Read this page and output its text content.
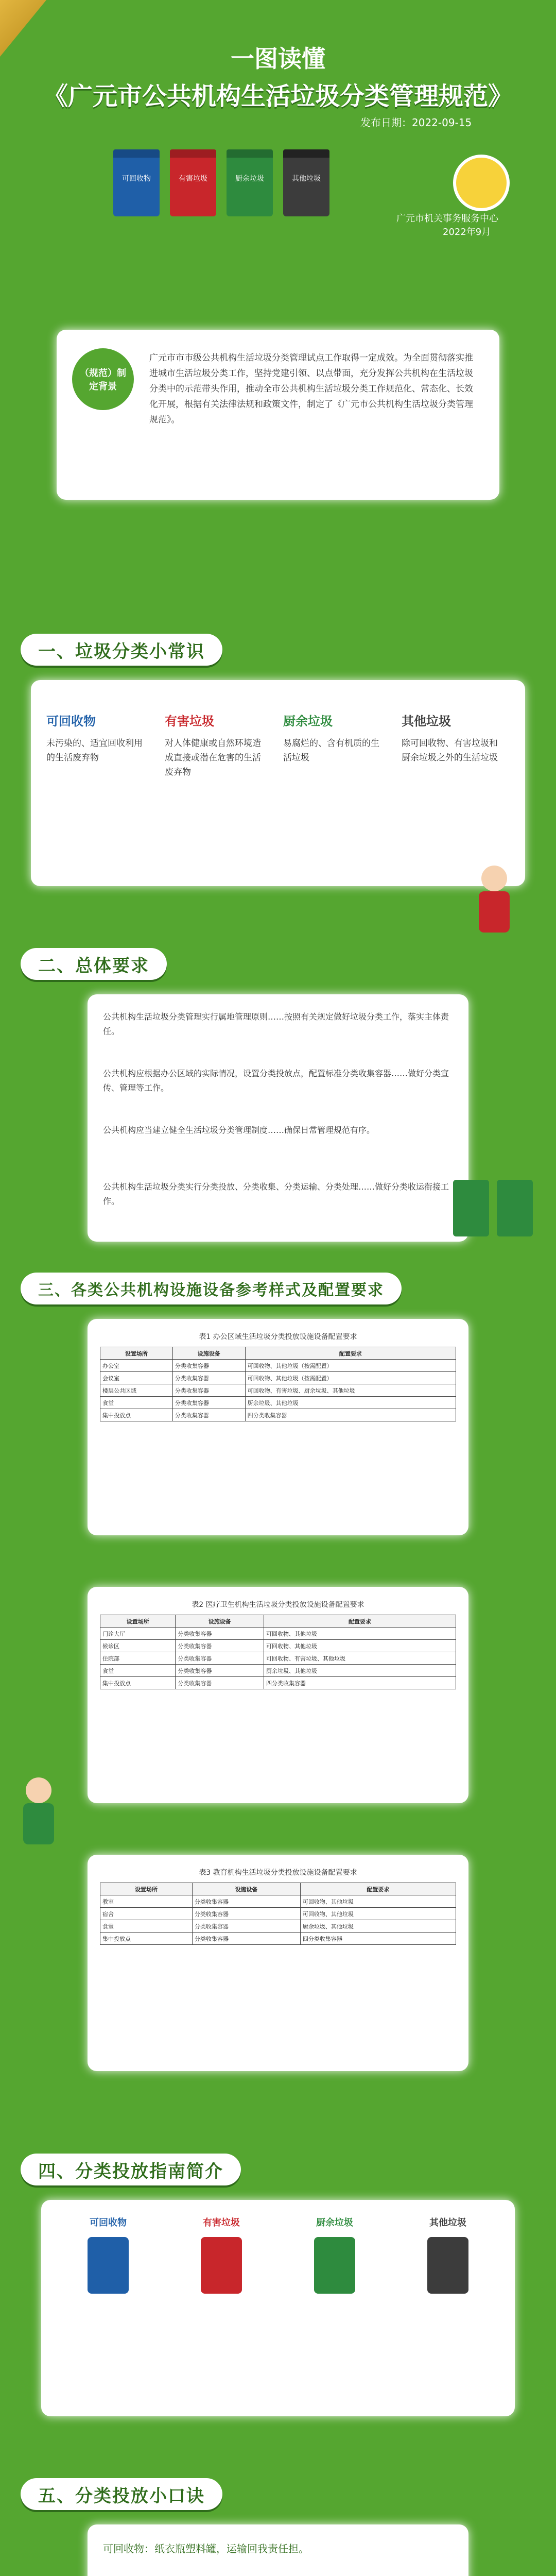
一图读懂
《广元市公共机构生活垃圾分类管理规范》
发布日期：2022-09-15
可回收物	有害垃圾	厨余垃圾	其他垃圾
广元市机关事务服务中心
2022年9月
（规范）制定背景
广元市市市级公共机构生活垃圾分类管理试点工作取得一定成效。为全面贯彻落实推进城市生活垃圾分类工作，坚持党建引领、以点带面，充分发挥公共机构在生活垃圾分类中的示范带头作用，推动全市公共机构生活垃圾分类工作规范化、常态化、长效化开展，根据有关法律法规和政策文件，制定了《广元市公共机构生活垃圾分类管理规范》。
一、垃圾分类小常识
可回收物
未污染的、适宜回收利用的生活废弃物
有害垃圾
对人体健康或自然环境造成直接或潜在危害的生活废弃物
厨余垃圾
易腐烂的、含有机质的生活垃圾
其他垃圾
除可回收物、有害垃圾和厨余垃圾之外的生活垃圾
二、总体要求
公共机构生活垃圾分类管理实行属地管理原则……按照有关规定做好垃圾分类工作，落实主体责任。
公共机构应根据办公区域的实际情况，设置分类投放点，配置标准分类收集容器……做好分类宣传、管理等工作。
公共机构应当建立健全生活垃圾分类管理制度……确保日常管理规范有序。
公共机构生活垃圾分类实行分类投放、分类收集、分类运输、分类处理……做好分类收运衔接工作。
三、各类公共机构设施设备参考样式及配置要求
表1 办公区域生活垃圾分类投放设施设备配置要求
设置场所	设施设备	配置要求
办公室	分类收集容器	可回收物、其他垃圾（按需配置）
会议室	分类收集容器	可回收物、其他垃圾（按需配置）
楼层公共区域	分类收集容器	可回收物、有害垃圾、厨余垃圾、其他垃圾
食堂	分类收集容器	厨余垃圾、其他垃圾
集中投放点	分类收集容器	四分类收集容器
表2 医疗卫生机构生活垃圾分类投放设施设备配置要求
设置场所	设施设备	配置要求
门诊大厅	分类收集容器	可回收物、其他垃圾
候诊区	分类收集容器	可回收物、其他垃圾
住院部	分类收集容器	可回收物、有害垃圾、其他垃圾
食堂	分类收集容器	厨余垃圾、其他垃圾
集中投放点	分类收集容器	四分类收集容器
表3 教育机构生活垃圾分类投放设施设备配置要求
设置场所	设施设备	配置要求
教室	分类收集容器	可回收物、其他垃圾
宿舍	分类收集容器	可回收物、其他垃圾
食堂	分类收集容器	厨余垃圾、其他垃圾
集中投放点	分类收集容器	四分类收集容器
四、分类投放指南简介
可回收物	有害垃圾	厨余垃圾	其他垃圾
五、分类投放小口诀
可回收物：纸衣瓶塑料罐，运输回我责任担。
